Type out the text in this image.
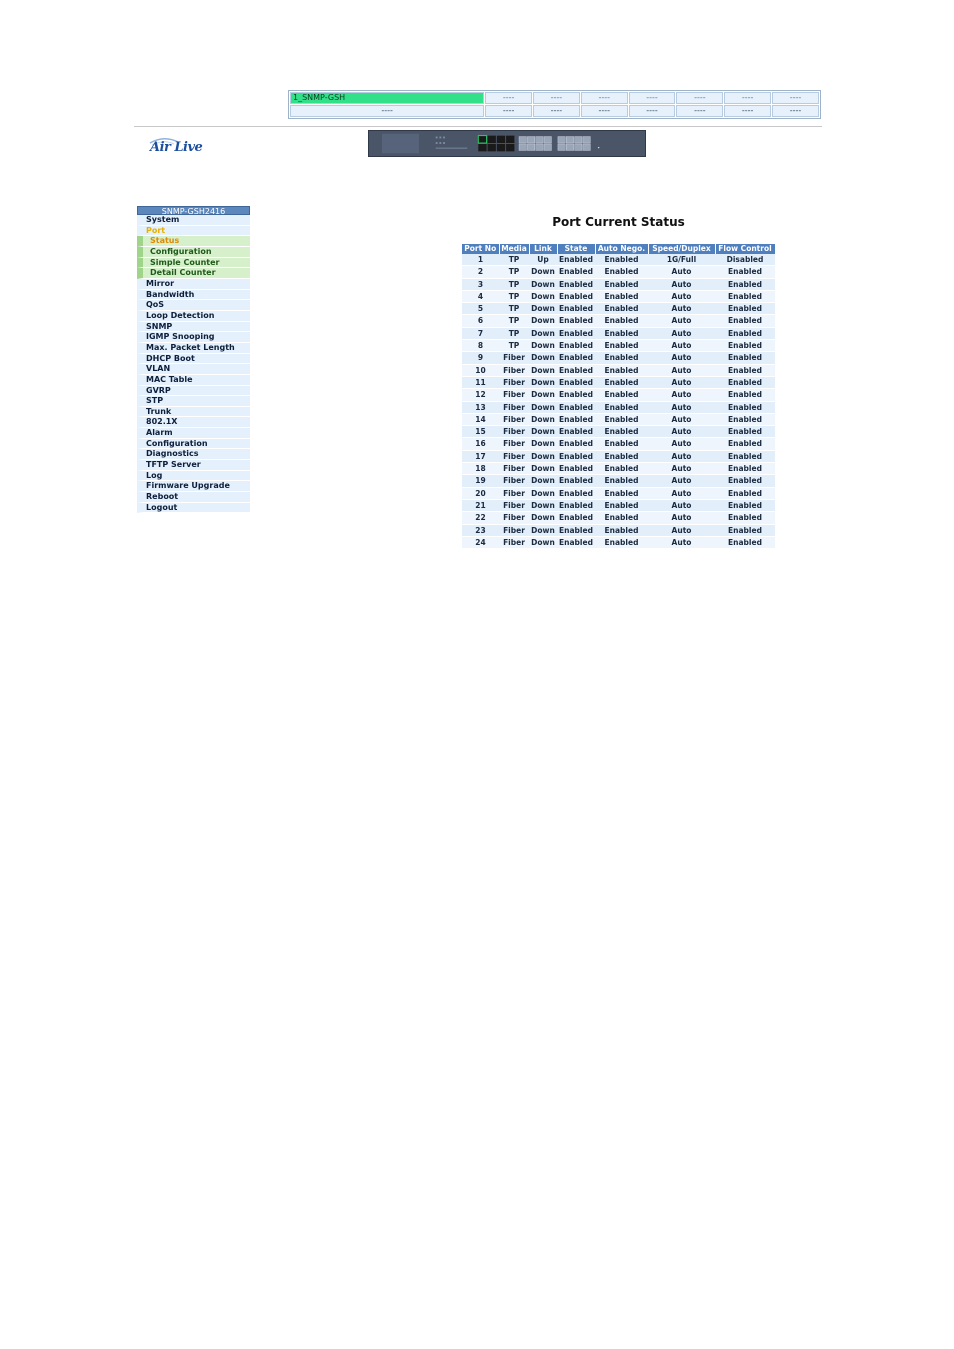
1_SNMP-GSH	----	----	----	----	----	----	----
----	----	----	----	----	----	----	----
Air Live
SNMP-GSH2416
System
Port
Status
Configuration
Simple Counter
Detail Counter
Mirror
Bandwidth
QoS
Loop Detection
SNMP
IGMP Snooping
Max. Packet Length
DHCP Boot
VLAN
MAC Table
GVRP
STP
Trunk
802.1X
Alarm
Configuration
Diagnostics
TFTP Server
Log
Firmware Upgrade
Reboot
Logout
Port Current Status
Port No	Media	Link	State	Auto Nego.	Speed/Duplex	Flow Control
1	TP	Up	Enabled	Enabled	1G/Full	Disabled
2	TP	Down	Enabled	Enabled	Auto	Enabled
3	TP	Down	Enabled	Enabled	Auto	Enabled
4	TP	Down	Enabled	Enabled	Auto	Enabled
5	TP	Down	Enabled	Enabled	Auto	Enabled
6	TP	Down	Enabled	Enabled	Auto	Enabled
7	TP	Down	Enabled	Enabled	Auto	Enabled
8	TP	Down	Enabled	Enabled	Auto	Enabled
9	Fiber	Down	Enabled	Enabled	Auto	Enabled
10	Fiber	Down	Enabled	Enabled	Auto	Enabled
11	Fiber	Down	Enabled	Enabled	Auto	Enabled
12	Fiber	Down	Enabled	Enabled	Auto	Enabled
13	Fiber	Down	Enabled	Enabled	Auto	Enabled
14	Fiber	Down	Enabled	Enabled	Auto	Enabled
15	Fiber	Down	Enabled	Enabled	Auto	Enabled
16	Fiber	Down	Enabled	Enabled	Auto	Enabled
17	Fiber	Down	Enabled	Enabled	Auto	Enabled
18	Fiber	Down	Enabled	Enabled	Auto	Enabled
19	Fiber	Down	Enabled	Enabled	Auto	Enabled
20	Fiber	Down	Enabled	Enabled	Auto	Enabled
21	Fiber	Down	Enabled	Enabled	Auto	Enabled
22	Fiber	Down	Enabled	Enabled	Auto	Enabled
23	Fiber	Down	Enabled	Enabled	Auto	Enabled
24	Fiber	Down	Enabled	Enabled	Auto	Enabled
